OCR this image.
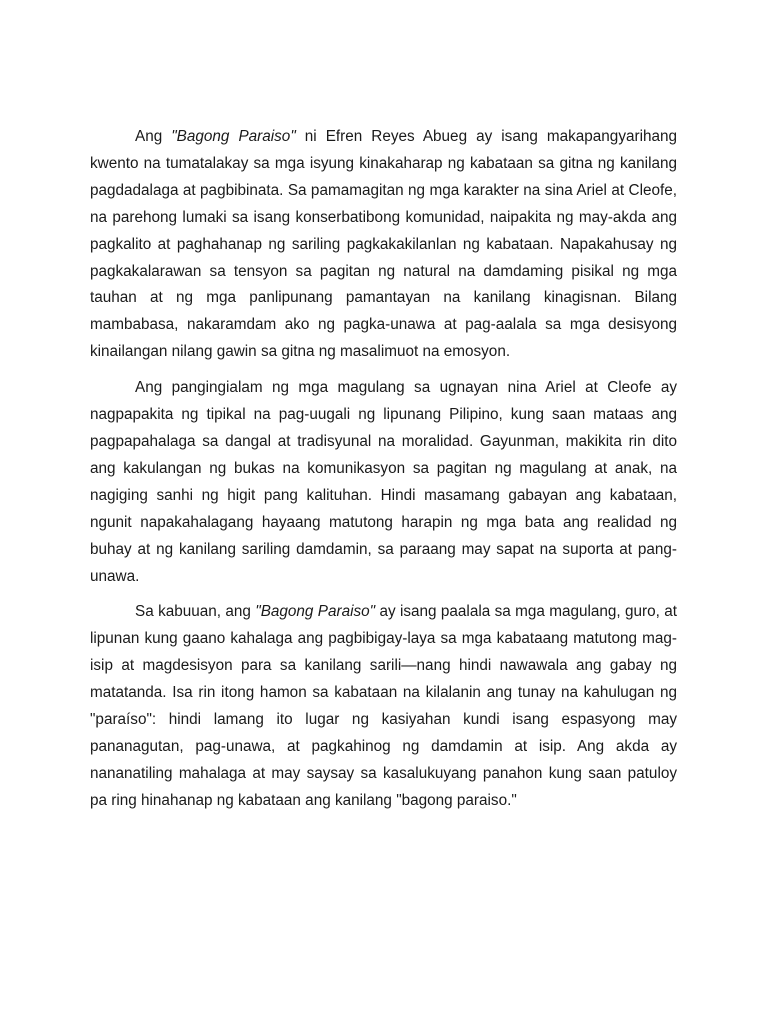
Ang "Bagong Paraiso" ni Efren Reyes Abueg ay isang makapangyarihang kwento na tumatalakay sa mga isyung kinakaharap ng kabataan sa gitna ng kanilang pagdadalaga at pagbibinata. Sa pamamagitan ng mga karakter na sina Ariel at Cleofe, na parehong lumaki sa isang konserbatibong komunidad, naipakita ng may-akda ang pagkalito at paghahanap ng sariling pagkakakilanlan ng kabataan. Napakahusay ng pagkakalarawan sa tensyon sa pagitan ng natural na damdaming pisikal ng mga tauhan at ng mga panlipunang pamantayan na kanilang kinagisnan. Bilang mambabasa, nakaramdam ako ng pagka-unawa at pag-aalala sa mga desisyong kinailangan nilang gawin sa gitna ng masalimuot na emosyon.

Ang pangingialam ng mga magulang sa ugnayan nina Ariel at Cleofe ay nagpapakita ng tipikal na pag-uugali ng lipunang Pilipino, kung saan mataas ang pagpapahalaga sa dangal at tradisyunal na moralidad. Gayunman, makikita rin dito ang kakulangan ng bukas na komunikasyon sa pagitan ng magulang at anak, na nagiging sanhi ng higit pang kalituhan. Hindi masamang gabayan ang kabataan, ngunit napakahalagang hayaang matutong harapin ng mga bata ang realidad ng buhay at ng kanilang sariling damdamin, sa paraang may sapat na suporta at pang-unawa.

Sa kabuuan, ang "Bagong Paraiso" ay isang paalala sa mga magulang, guro, at lipunan kung gaano kahalaga ang pagbibigay-laya sa mga kabataang matutong mag-isip at magdesisyon para sa kanilang sarili—nang hindi nawawala ang gabay ng matatanda. Isa rin itong hamon sa kabataan na kilalanin ang tunay na kahulugan ng "paraíso": hindi lamang ito lugar ng kasiyahan kundi isang espasyong may pananagutan, pag-unawa, at pagkahinog ng damdamin at isip. Ang akda ay nananatiling mahalaga at may saysay sa kasalukuyang panahon kung saan patuloy pa ring hinahanap ng kabataan ang kanilang "bagong paraiso."
